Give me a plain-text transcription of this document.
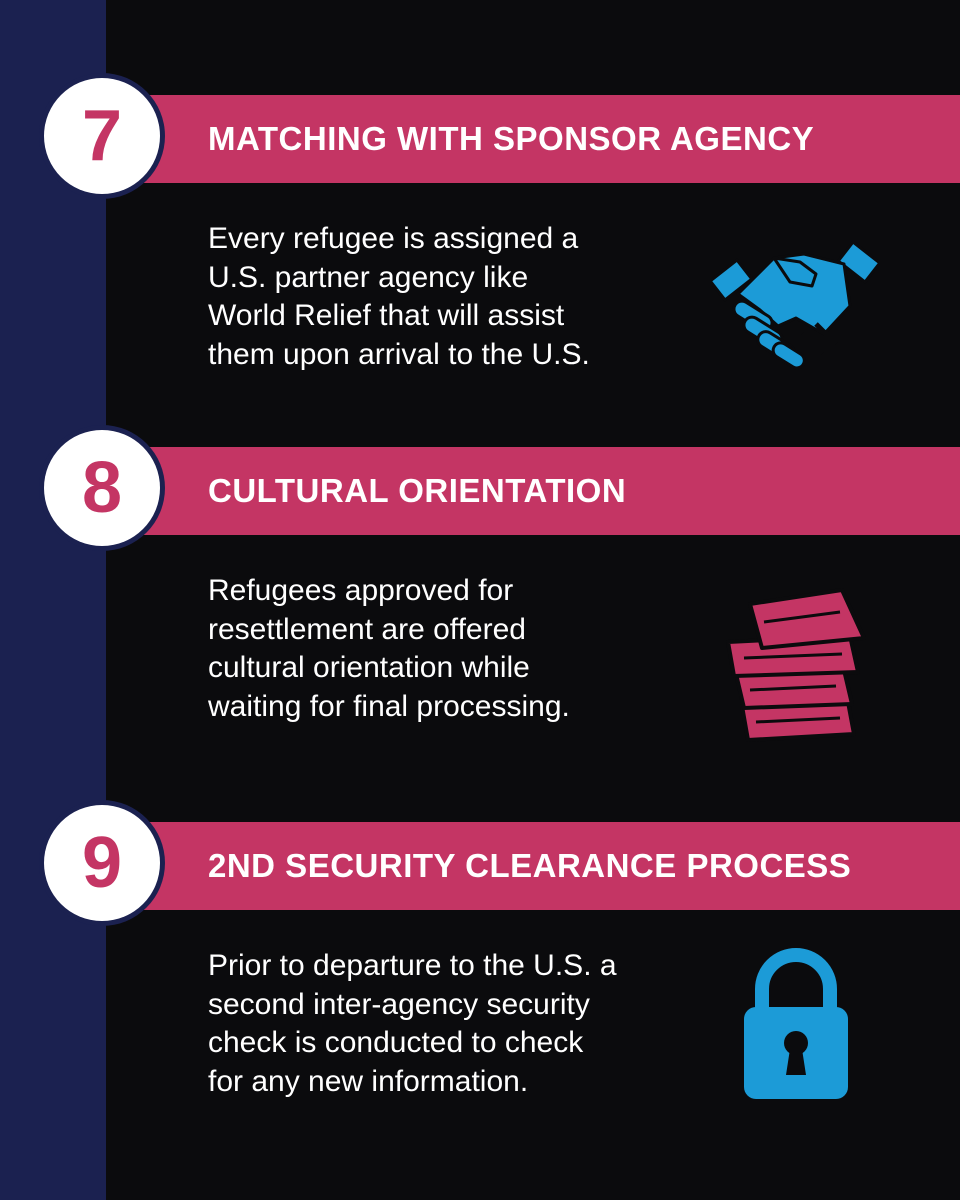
7	MATCHING WITH SPONSOR AGENCY

Every refugee is assigned a
U.S. partner agency like
World Relief that will assist
them upon arrival to the U.S.

8	CULTURAL ORIENTATION

Refugees approved for
resettlement are offered
cultural orientation while
waiting for final processing.

9	2ND SECURITY CLEARANCE PROCESS

Prior to departure to the U.S. a
second inter-agency security
check is conducted to check
for any new information.
